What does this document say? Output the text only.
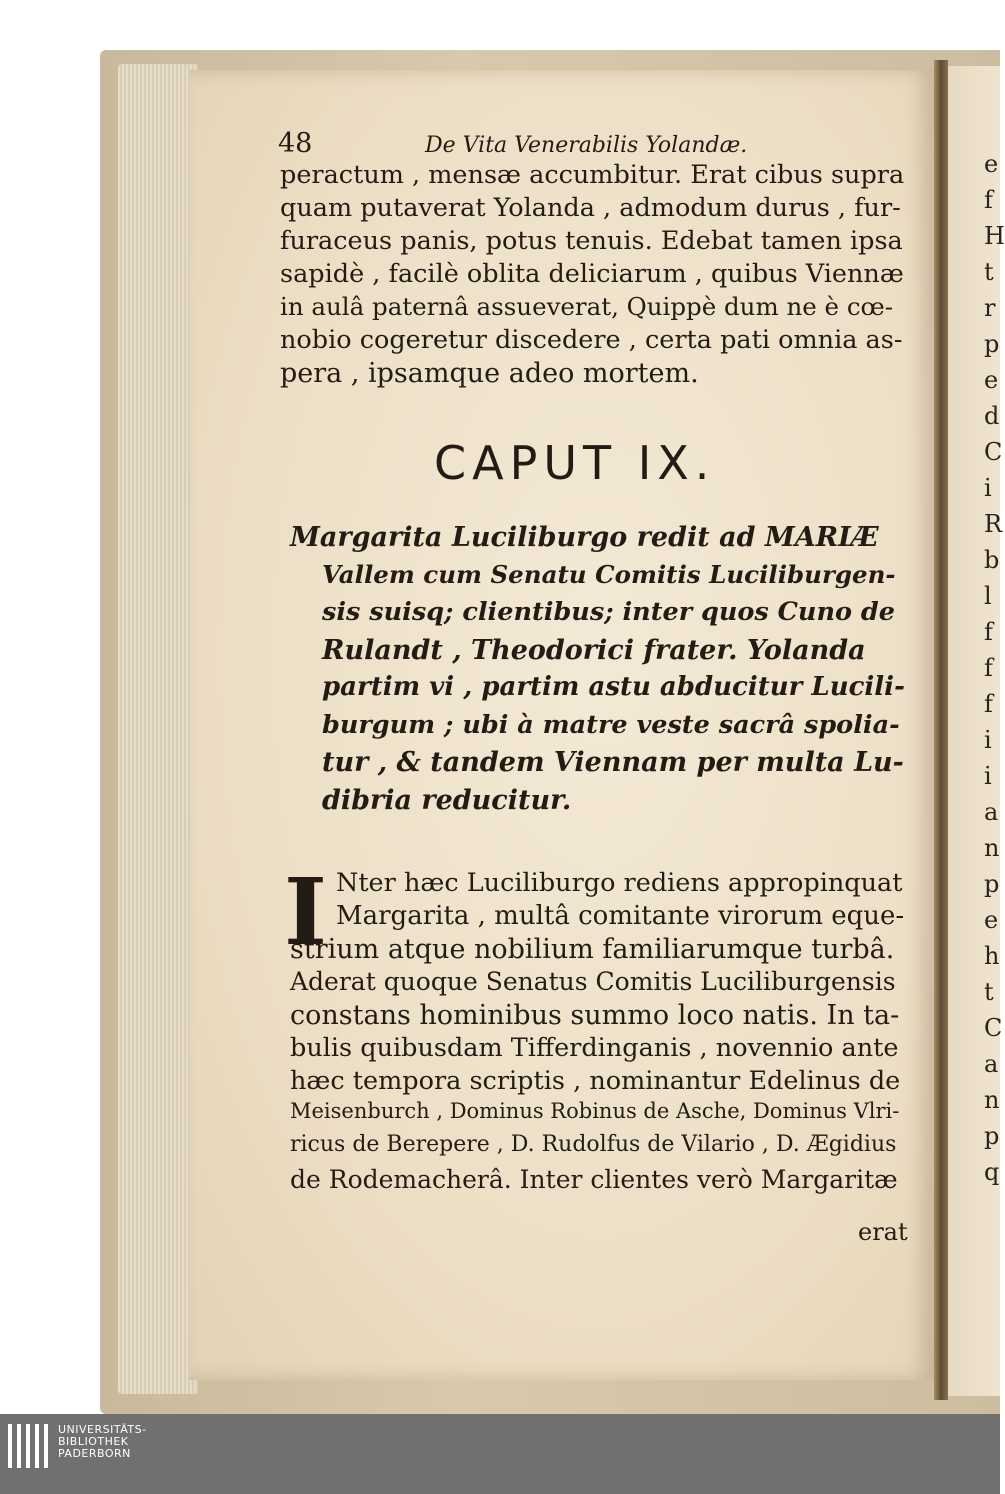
48	De Vita Venerabilis Yolandæ.
peractum , mensæ accumbitur. Erat cibus supra
quam putaverat Yolanda , admodum durus , fur-
furaceus panis, potus tenuis. Edebat tamen ipsa
sapidè , facilè oblita deliciarum , quibus Viennæ
in aulâ paternâ assueverat, Quippè dum ne è cœ-
nobio cogeretur discedere , certa pati omnia as-
pera , ipsamque adeo mortem.
CAPUT IX.
Margarita Luciliburgo redit ad MARIÆ
Vallem cum Senatu Comitis Luciliburgen-
sis suisq; clientibus; inter quos Cuno de
Rulandt , Theodorici frater. Yolanda
partim vi , partim astu abducitur Lucili-
burgum ; ubi à matre veste sacrâ spolia-
tur , & tandem Viennam per multa Lu-
dibria reducitur.
I Nter hæc Luciliburgo rediens appropinquat
Margarita , multâ comitante virorum eque-
strium atque nobilium familiarumque turbâ.
Aderat quoque Senatus Comitis Luciliburgensis
constans hominibus summo loco natis. In ta-
bulis quibusdam Tifferdinganis , novennio ante
hæc tempora scriptis , nominantur Edelinus de
Meisenburch , Dominus Robinus de Asche, Dominus Vlri-
ricus de Berepere , D. Rudolfus de Vilario , D. Ægidius
de Rodemacherâ. Inter clientes verò Margaritæ
erat
e
f
H
t
r
p
e
d
C
i
R
b
l
f
f
f
i
i
a
n
p
e
h
t
C
a
n
p
q
UNIVERSITÄTS-
BIBLIOTHEK
PADERBORN
